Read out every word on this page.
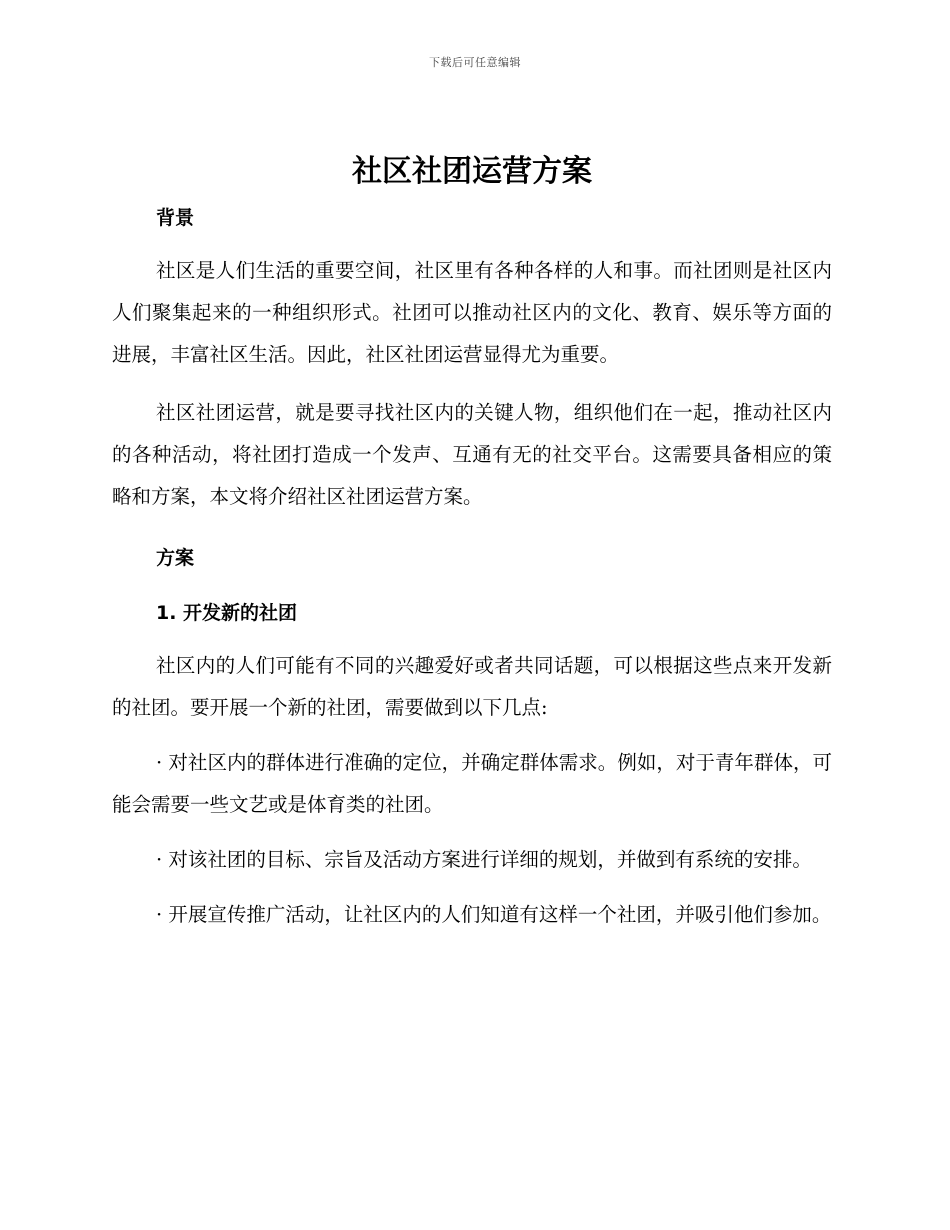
下载后可任意编辑
社区社团运营方案
背景

社区是人们生活的重要空间，社区里有各种各样的人和事。而社团则是社区内人们聚集起来的一种组织形式。社团可以推动社区内的文化、教育、娱乐等方面的进展，丰富社区生活。因此，社区社团运营显得尤为重要。

社区社团运营，就是要寻找社区内的关键人物，组织他们在一起，推动社区内的各种活动，将社团打造成一个发声、互通有无的社交平台。这需要具备相应的策略和方案，本文将介绍社区社团运营方案。

方案
1. 开发新的社团

社区内的人们可能有不同的兴趣爱好或者共同话题，可以根据这些点来开发新的社团。要开展一个新的社团，需要做到以下几点:

· 对社区内的群体进行准确的定位，并确定群体需求。例如，对于青年群体，可能会需要一些文艺或是体育类的社团。

· 对该社团的目标、宗旨及活动方案进行详细的规划，并做到有系统的安排。

· 开展宣传推广活动，让社区内的人们知道有这样一个社团，并吸引他们参加。
